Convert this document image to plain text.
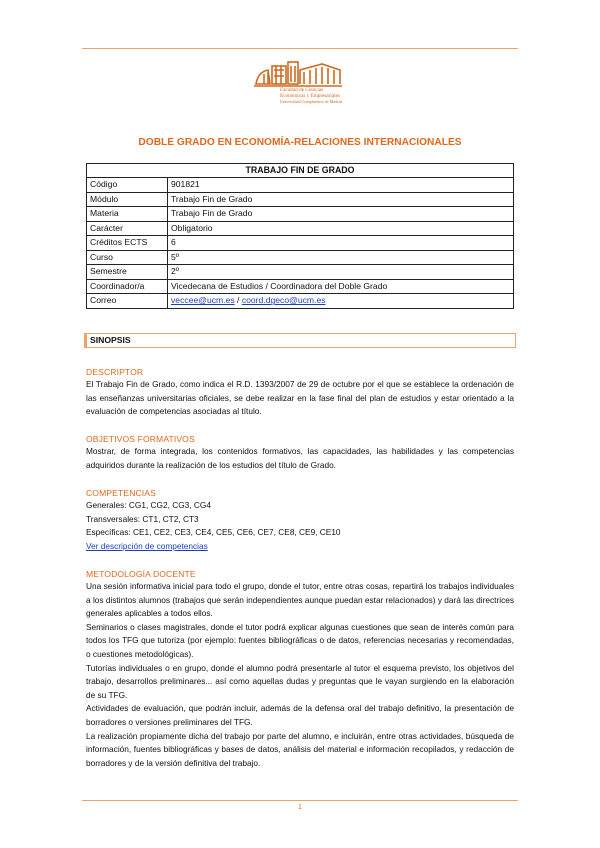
Facultad de Ciencias
Económicas y Empresariales
Universidad Complutense de Madrid
DOBLE GRADO EN ECONOMÍA-RELACIONES INTERNACIONALES
TRABAJO FIN DE GRADO	
Código	901821
Módulo	Trabajo Fin de Grado
Materia	Trabajo Fin de Grado
Carácter	Obligatorio
Créditos ECTS	6
Curso	5º
Semestre	2º
Coordinador/a	Vicedecana de Estudios / Coordinadora del Doble Grado
Correo	veccee@ucm.es / coord.dgeco@ucm.es
SINOPSIS
DESCRIPTOR

El Trabajo Fin de Grado, como indica el R.D. 1393/2007 de 29 de octubre por el que se establece la ordenación de las enseñanzas universitarias oficiales, se debe realizar en la fase final del plan de estudios y estar orientado a la evaluación de competencias asociadas al título.

OBJETIVOS FORMATIVOS

Mostrar, de forma integrada, los contenidos formativos, las capacidades, las habilidades y las competencias adquiridos durante la realización de los estudios del título de Grado.

COMPETENCIAS
Generales: CG1, CG2, CG3, CG4
Transversales: CT1, CT2, CT3
Específicas: CE1, CE2, CE3, CE4, CE5, CE6, CE7, CE8, CE9, CE10
Ver descripción de competencias
METODOLOGÍA DOCENTE

Una sesión informativa inicial para todo el grupo, donde el tutor, entre otras cosas, repartirá los trabajos individuales a los distintos alumnos (trabajos que serán independientes aunque puedan estar relacionados) y dará las directrices generales aplicables a todos ellos.

Seminarios o clases magistrales, donde el tutor podrá explicar algunas cuestiones que sean de interés común para todos los TFG que tutoriza (por ejemplo: fuentes bibliográficas o de datos, referencias necesarias y recomendadas, o cuestiones metodológicas).

Tutorías individuales o en grupo, donde el alumno podrá presentarle al tutor el esquema previsto, los objetivos del trabajo, desarrollos preliminares... así como aquellas dudas y preguntas que le vayan surgiendo en la elaboración de su TFG.

Actividades de evaluación, que podrán incluir, además de la defensa oral del trabajo definitivo, la presentación de borradores o versiones preliminares del TFG.

La realización propiamente dicha del trabajo por parte del alumno, e incluirán, entre otras actividades, búsqueda de información, fuentes bibliográficas y bases de datos, análisis del material e información recopilados, y redacción de borradores y de la versión definitiva del trabajo.

1
